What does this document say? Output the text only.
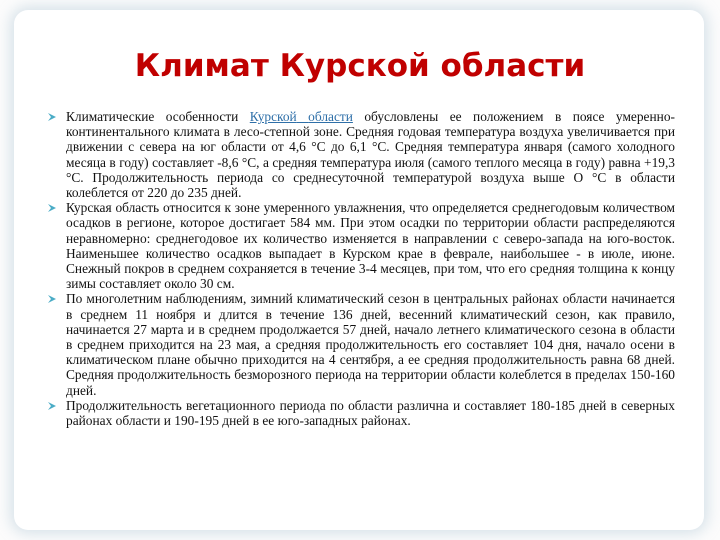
Климат Курской области
Климатические особенности Курской области обусловлены ее положением в поясе умеренно-континентального климата в лесо-степной зоне. Средняя годовая температура воздуха увеличивается при движении с севера на юг области от 4,6 °С до 6,1 °С. Средняя температура января (самого холодного месяца в году) составляет -8,6 °С, а средняя температура июля (самого теплого месяца в году) равна +19,3 °С. Продолжительность периода со среднесуточной температурой воздуха выше О °С в области колеблется от 220 до 235 дней.
Курская область относится к зоне умеренного увлажнения, что определяется среднегодовым количеством осадков в регионе, которое достигает 584 мм. При этом осадки по территории области распределяются неравномерно: среднегодовое их количество изменяется в направлении с северо-запада на юго-восток. Наименьшее количество осадков выпадает в Курском крае в феврале, наибольшее - в июле, июне. Снежный покров в среднем сохраняется в течение 3-4 месяцев, при том, что его средняя толщина к концу зимы составляет около 30 см.
По многолетним наблюдениям, зимний климатический сезон в центральных районах области начинается в среднем 11 ноября и длится в течение 136 дней, весенний климатический сезон, как правило, начинается 27 марта и в среднем продолжается 57 дней, начало летнего климатического сезона в области в среднем приходится на 23 мая, а средняя продолжительность его составляет 104 дня, начало осени в климатическом плане обычно приходится на 4 сентября, а ее средняя продолжительность равна 68 дней. Средняя продолжительность безморозного периода на территории области колеблется в пределах 150-160 дней.
Продолжительность вегетационного периода по области различна и составляет 180-185 дней в северных районах области и 190-195 дней в ее юго-западных районах.
